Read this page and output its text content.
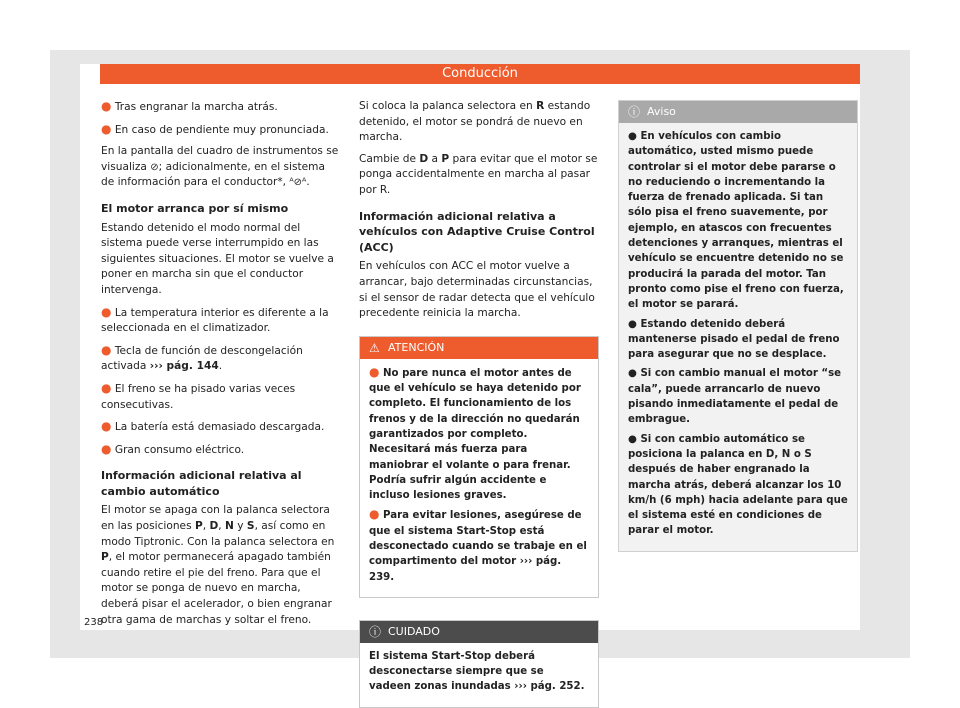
Conducción

● Tras engranar la marcha atrás.

● En caso de pendiente muy pronunciada.

En la pantalla del cuadro de instrumentos se visualiza ⊘; adicionalmente, en el sistema de información para el conductor*, ᴬ⊘ᴬ.

El motor arranca por sí mismo

Estando detenido el modo normal del sistema puede verse interrumpido en las siguientes situaciones. El motor se vuelve a poner en marcha sin que el conductor intervenga.

● La temperatura interior es diferente a la seleccionada en el climatizador.

● Tecla de función de descongelación activada ››› pág. 144.

● El freno se ha pisado varias veces consecutivas.

● La batería está demasiado descargada.

● Gran consumo eléctrico.

Información adicional relativa al cambio automático

El motor se apaga con la palanca selectora en las posiciones P, D, N y S, así como en modo Tiptronic. Con la palanca selectora en P, el motor permanecerá apagado también cuando retire el pie del freno. Para que el motor se ponga de nuevo en marcha, deberá pisar el acelerador, o bien engranar otra gama de marchas y soltar el freno.

Si coloca la palanca selectora en R estando detenido, el motor se pondrá de nuevo en marcha.

Cambie de D a P para evitar que el motor se ponga accidentalmente en marcha al pasar por R.

Información adicional relativa a vehículos con Adaptive Cruise Control (ACC)

En vehículos con ACC el motor vuelve a arrancar, bajo determinadas circunstancias, si el sensor de radar detecta que el vehículo precedente reinicia la marcha.

⚠ ATENCIÓN

● No pare nunca el motor antes de que el vehículo se haya detenido por completo. El funcionamiento de los frenos y de la dirección no quedarán garantizados por completo. Necesitará más fuerza para maniobrar el volante o para frenar. Podría sufrir algún accidente e incluso lesiones graves.

● Para evitar lesiones, asegúrese de que el sistema Start-Stop está desconectado cuando se trabaje en el compartimento del motor ››› pág. 239.

ⓘ CUIDADO

El sistema Start-Stop deberá desconectarse siempre que se vadeen zonas inundadas ››› pág. 252.

ⓘ Aviso

● En vehículos con cambio automático, usted mismo puede controlar si el motor debe pararse o no reduciendo o incrementando la fuerza de frenado aplicada. Si tan sólo pisa el freno suavemente, por ejemplo, en atascos con frecuentes detenciones y arranques, mientras el vehículo se encuentre detenido no se producirá la parada del motor. Tan pronto como pise el freno con fuerza, el motor se parará.

● Estando detenido deberá mantenerse pisado el pedal de freno para asegurar que no se desplace.

● Si con cambio manual el motor “se cala”, puede arrancarlo de nuevo pisando inmediatamente el pedal de embrague.

● Si con cambio automático se posiciona la palanca en D, N o S después de haber engranado la marcha atrás, deberá alcanzar los 10 km/h (6 mph) hacia adelante para que el sistema esté en condiciones de parar el motor.

238
